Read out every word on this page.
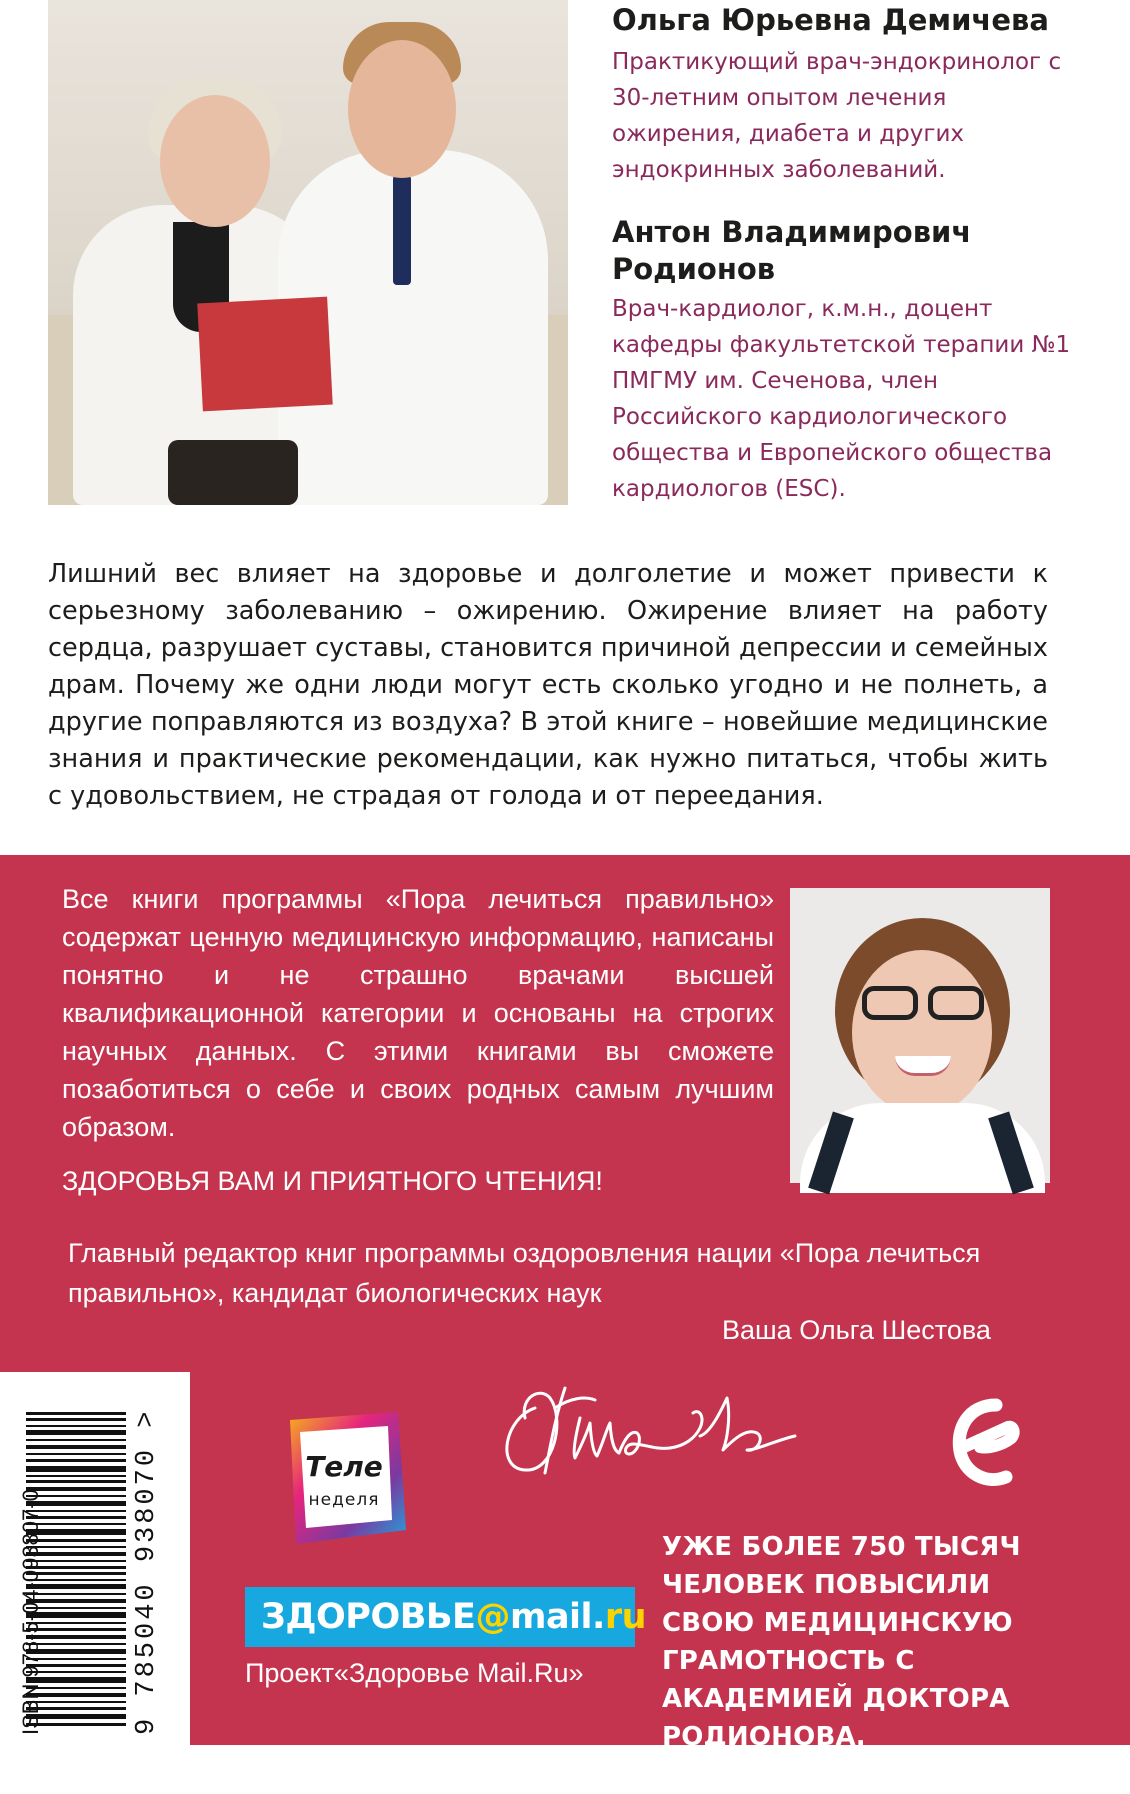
Ольга Юрьевна Демичева
Практикующий врач-эндокринолог с 30-летним опытом лечения ожирения, диабета и других эндокринных заболеваний.
Антон Владимирович Родионов
Врач-кардиолог, к.м.н., доцент кафедры факультетской терапии №1 ПМГМУ им. Сеченова, член Российского кардиологического общества и Европейского общества кардиологов (ESC).

Лишний вес влияет на здоровье и долголетие и может привести к серьезному заболеванию – ожирению. Ожирение влияет на работу сердца, разрушает суставы, становится причиной депрессии и семейных драм. Почему же одни люди могут есть сколько угодно и не полнеть, а другие поправляются из воздуха? В этой книге – новейшие медицинские знания и практические рекомендации, как нужно питаться, чтобы жить с удовольствием, не страдая от голода и от переедания.

Все книги программы «Пора лечиться правильно» содержат ценную медицинскую информацию, написаны понятно и не страшно врачами высшей квалификационной категории и основаны на строгих научных данных. С этими книгами вы сможете позаботиться о себе и своих родных самым лучшим образом.
ЗДОРОВЬЯ ВАМ И ПРИЯТНОГО ЧТЕНИЯ!
Главный редактор книг программы оздоровления нации «Пора лечиться правильно», кандидат биологических наук
Ваша Ольга Шестова
ISBN 978-5-04-093807-0	9 785040 938070 >	Теле
неделя
ЗДОРОВЬЕ@mail.ru
Проект«Здоровье Mail.Ru»
УЖЕ БОЛЕЕ 750 ТЫСЯЧ ЧЕЛОВЕК ПОВЫСИЛИ СВОЮ МЕДИЦИНСКУЮ ГРАМОТНОСТЬ С АКАДЕМИЕЙ ДОКТОРА РОДИОНОВА. ПРИСОЕДИНЯЙТЕСЬ!
